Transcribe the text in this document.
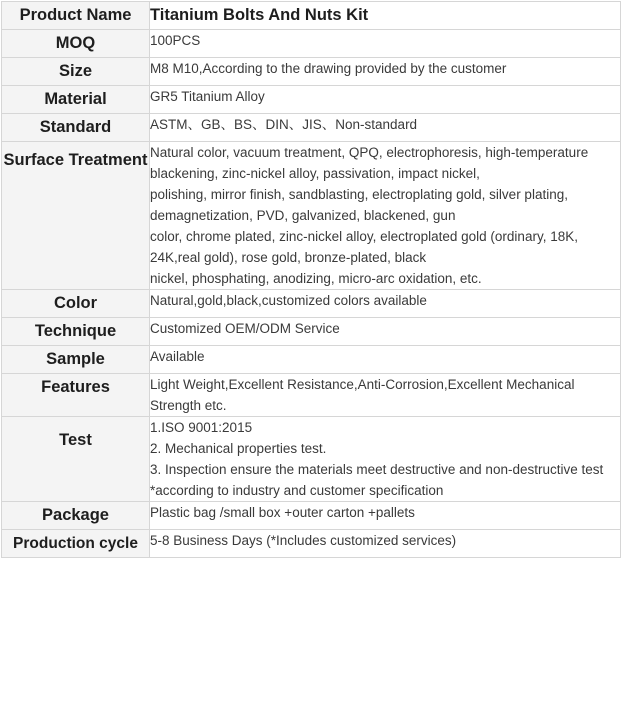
Product Name	Titanium Bolts And Nuts Kit
MOQ	100PCS

Size	M8 M10,According to the drawing provided by the customer

Material	GR5 Titanium Alloy

Standard	ASTM、GB、BS、DIN、JIS、Non-standard

Surface Treatment	Natural color, vacuum treatment, QPQ, electrophoresis, high-temperature blackening, zinc-nickel alloy, passivation, impact nickel,
polishing, mirror finish, sandblasting, electroplating gold, silver plating, demagnetization, PVD, galvanized, blackened, gun
color, chrome plated, zinc-nickel alloy, electroplated gold (ordinary, 18K, 24K,real gold), rose gold, bronze-plated, black
nickel, phosphating, anodizing, micro-arc oxidation, etc.

Color	Natural,gold,black,customized colors available

Technique	Customized OEM/ODM Service

Sample	Available

Features	Light Weight,Excellent Resistance,Anti-Corrosion,Excellent Mechanical Strength etc.

Test	1.ISO 9001:2015
2. Mechanical properties test.
3. Inspection ensure the materials meet destructive and non-destructive test
*according to industry and customer specification

Package	Plastic bag /small box +outer carton +pallets

Production cycle	5-8 Business Days (*Includes customized services)
